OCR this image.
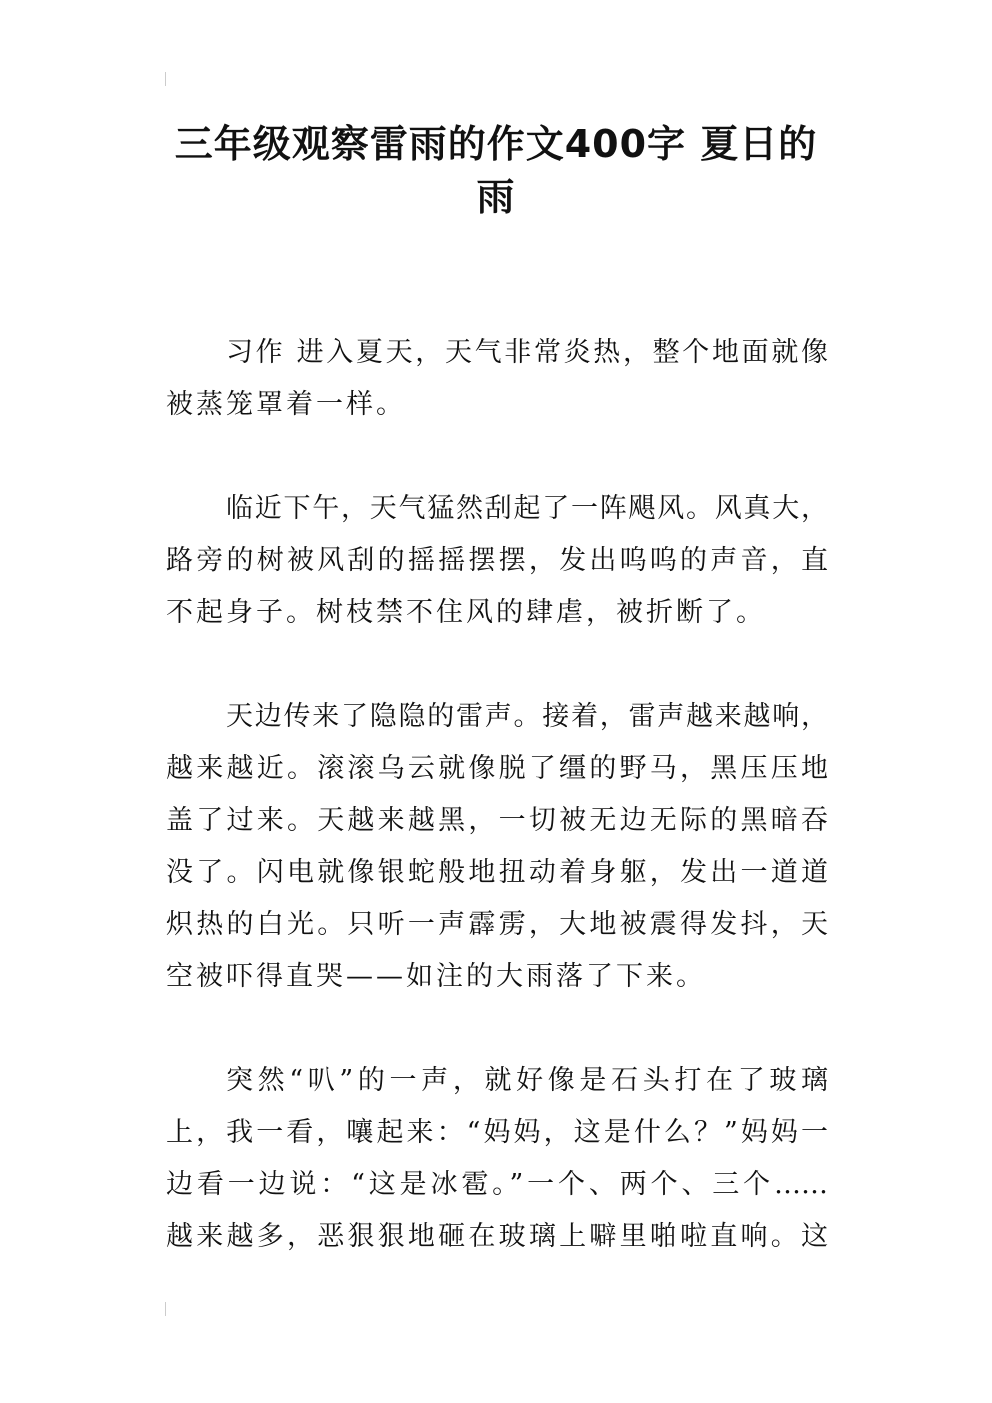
三年级观察雷雨的作文400字 夏日的
雨
习作 进入夏天，天气非常炎热，整个地面就像
被蒸笼罩着一样。
临近下午，天气猛然刮起了一阵飓风。风真大，
路旁的树被风刮的摇摇摆摆，发出呜呜的声音，直
不起身子。树枝禁不住风的肆虐，被折断了。
天边传来了隐隐的雷声。接着，雷声越来越响，
越来越近。滚滚乌云就像脱了缰的野马，黑压压地
盖了过来。天越来越黑，一切被无边无际的黑暗吞
没了。闪电就像银蛇般地扭动着身躯，发出一道道
炽热的白光。只听一声霹雳，大地被震得发抖，天
空被吓得直哭——如注的大雨落了下来。
突然“叭”的一声，就好像是石头打在了玻璃
上，我一看，嚷起来：“妈妈，这是什么？”妈妈一
边看一边说：“这是冰雹。”一个、两个、三个……
越来越多，恶狠狠地砸在玻璃上噼里啪啦直响。这
